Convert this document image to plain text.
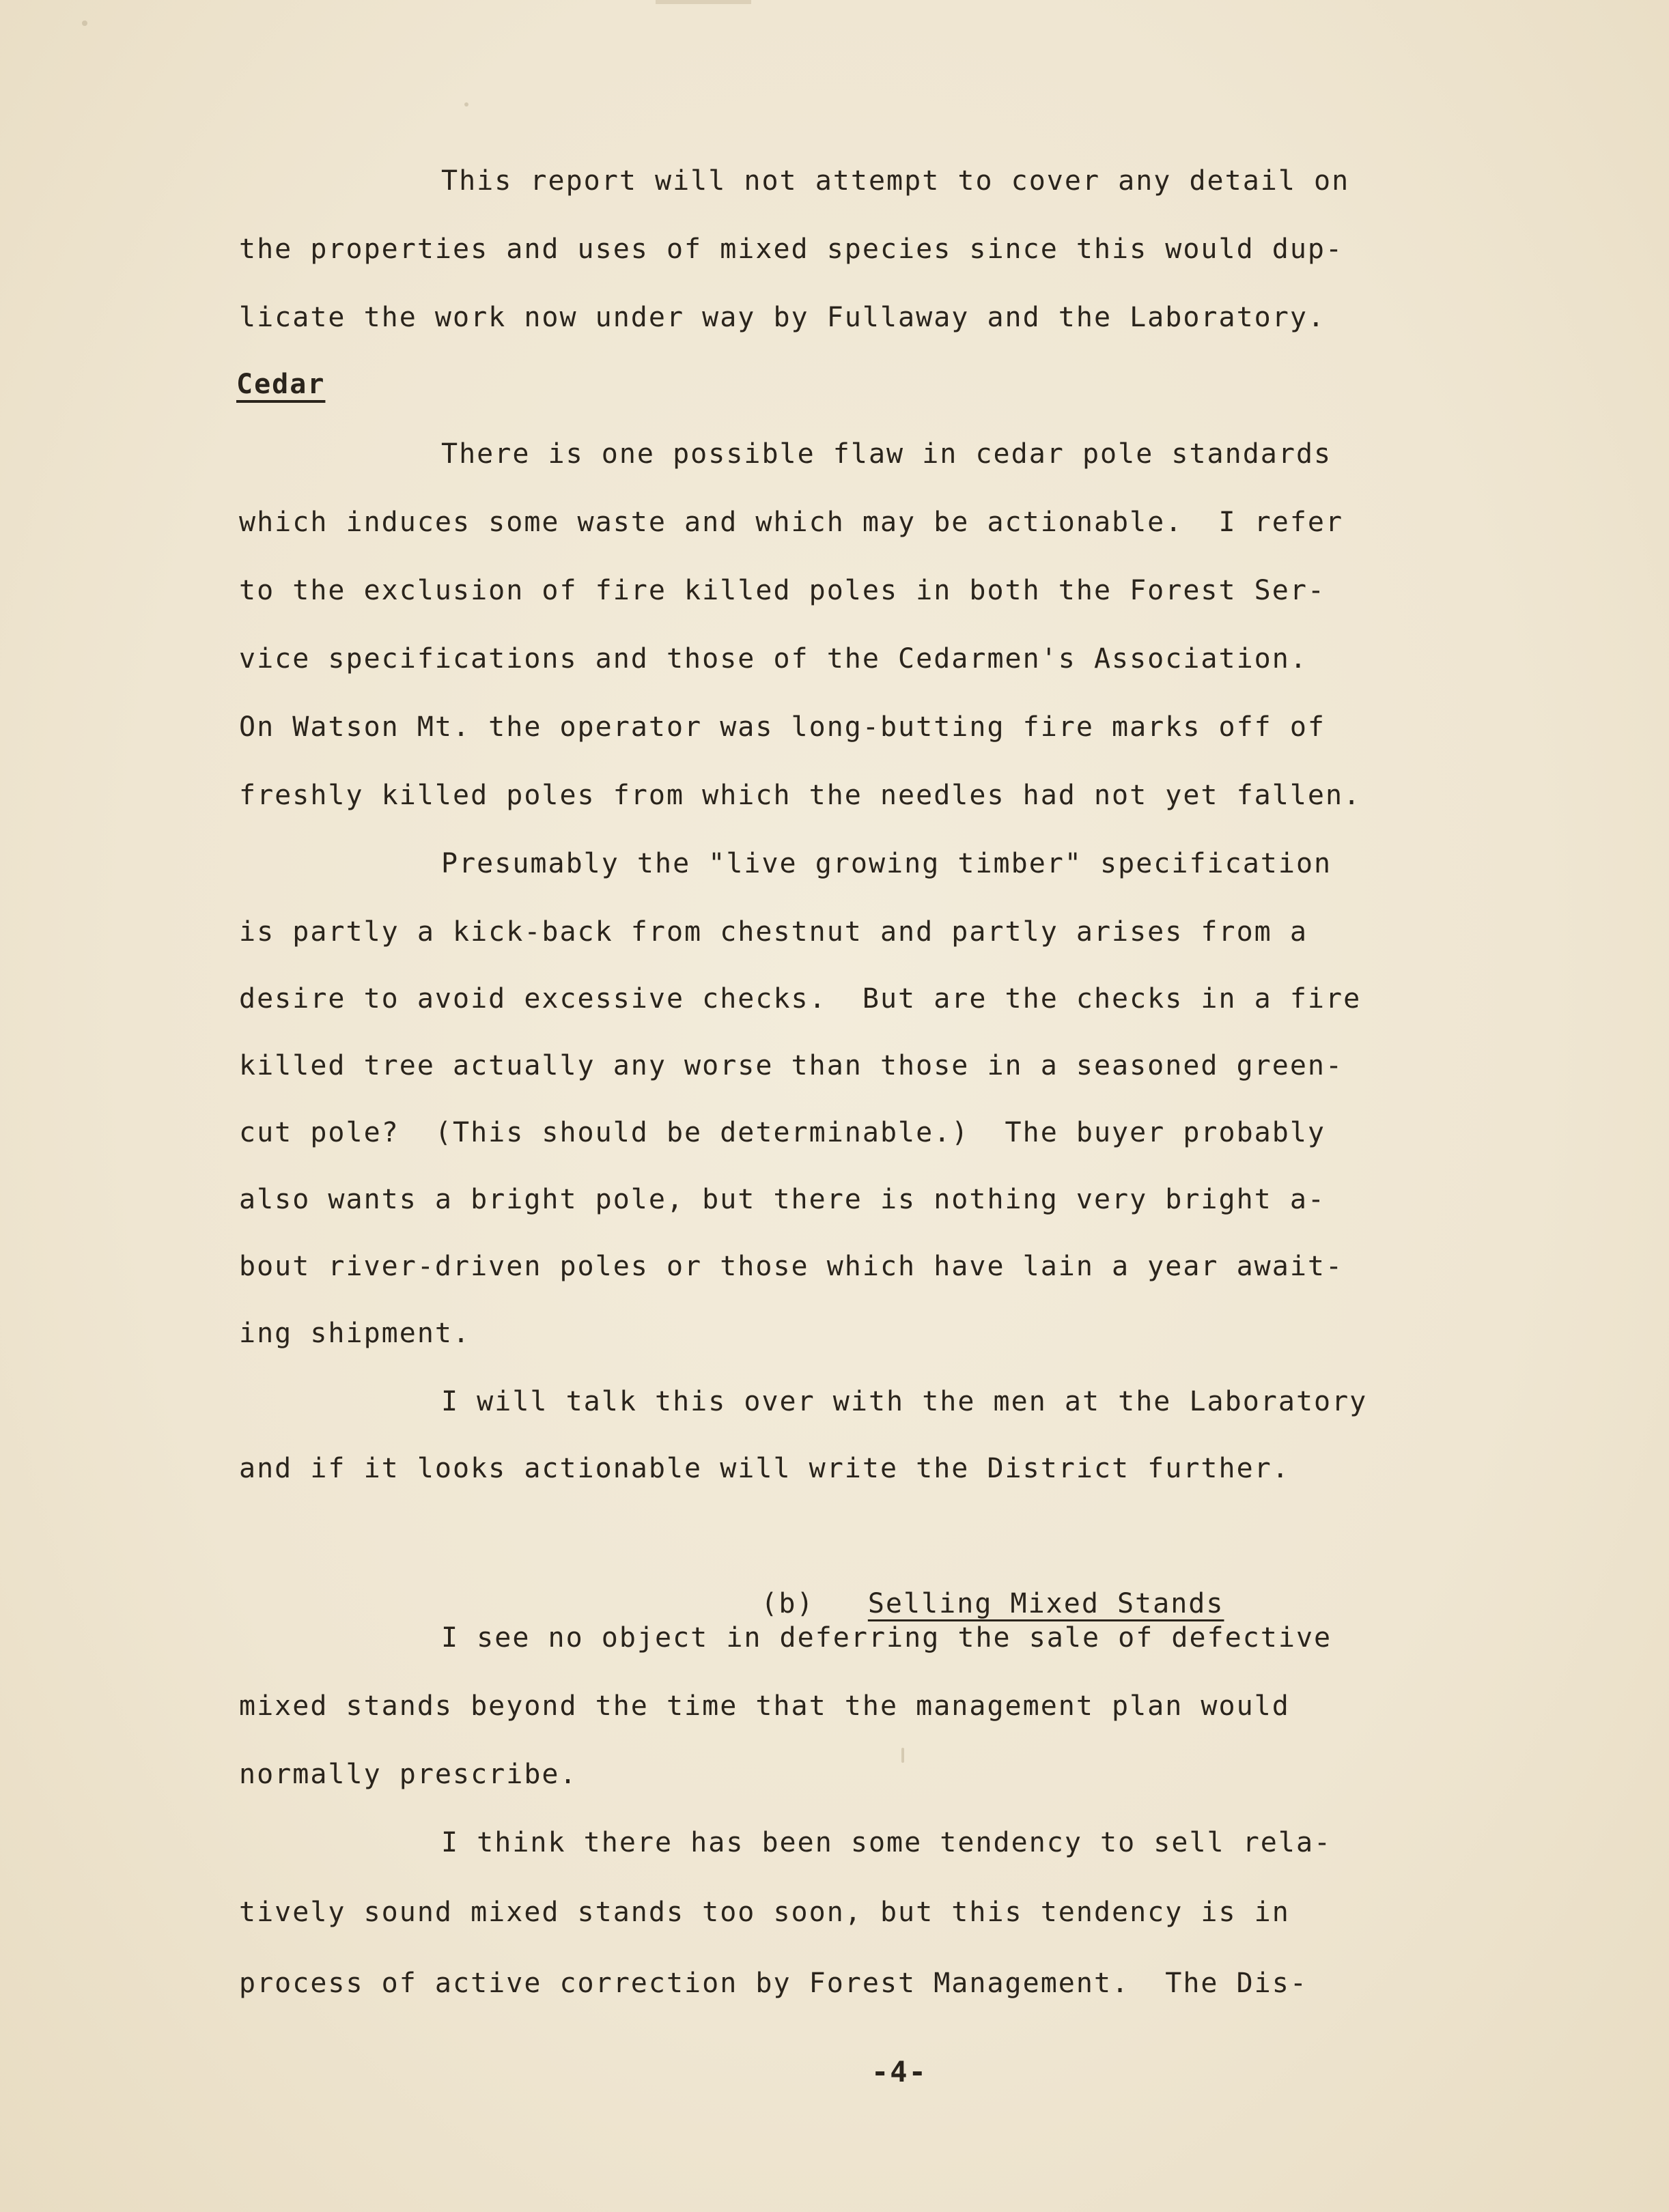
This report will not attempt to cover any detail on

the properties and uses of mixed species since this would dup-

licate the work now under way by Fullaway and the Laboratory.

Cedar

There is one possible flaw in cedar pole standards

which induces some waste and which may be actionable.  I refer

to the exclusion of fire killed poles in both the Forest Ser-

vice specifications and those of the Cedarmen's Association.

On Watson Mt. the operator was long-butting fire marks off of

freshly killed poles from which the needles had not yet fallen.

Presumably the "live growing timber" specification

is partly a kick-back from chestnut and partly arises from a

desire to avoid excessive checks.  But are the checks in a fire

killed tree actually any worse than those in a seasoned green-

cut pole?  (This should be determinable.)  The buyer probably

also wants a bright pole, but there is nothing very bright a-

bout river-driven poles or those which have lain a year await-

ing shipment.

I will talk this over with the men at the Laboratory

and if it looks actionable will write the District further.

(b) Selling Mixed Stands

I see no object in deferring the sale of defective

mixed stands beyond the time that the management plan would

normally prescribe.

I think there has been some tendency to sell rela-

tively sound mixed stands too soon, but this tendency is in

process of active correction by Forest Management.  The Dis-

-4-
